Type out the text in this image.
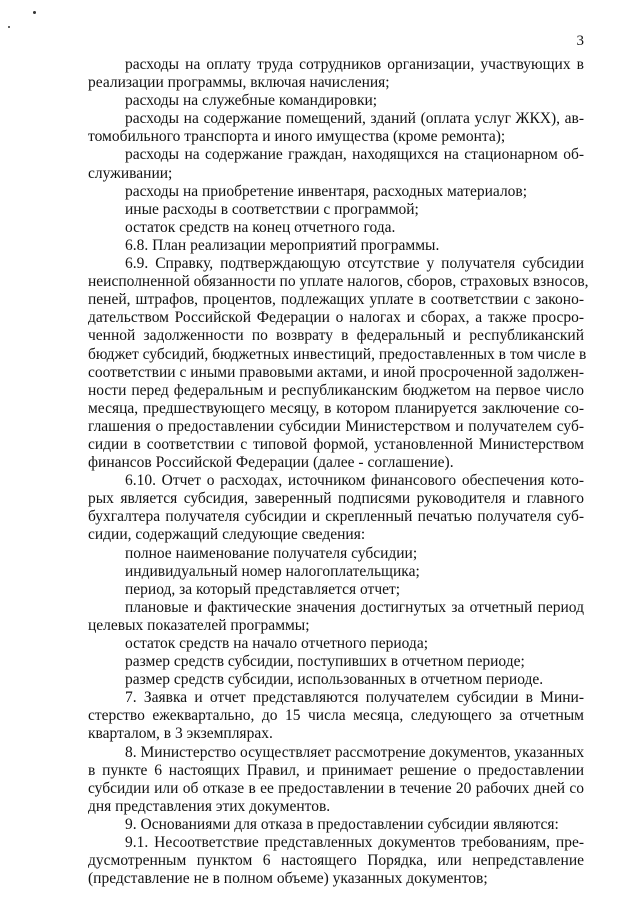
3
расходы на оплату труда сотрудников организации, участвующих в
реализации программы, включая начисления;
расходы на служебные командировки;
расходы на содержание помещений, зданий (оплата услуг ЖКХ), ав-
томобильного транспорта и иного имущества (кроме ремонта);
расходы на содержание граждан, находящихся на стационарном об-
служивании;
расходы на приобретение инвентаря, расходных материалов;
иные расходы в соответствии с программой;
остаток средств на конец отчетного года.
6.8. План реализации мероприятий программы.
6.9. Справку, подтверждающую отсутствие у получателя субсидии
неисполненной обязанности по уплате налогов, сборов, страховых взносов,
пеней, штрафов, процентов, подлежащих уплате в соответствии с законо-
дательством Российской Федерации о налогах и сборах, а также просро-
ченной задолженности по возврату в федеральный и республиканский
бюджет субсидий, бюджетных инвестиций, предоставленных в том числе в
соответствии с иными правовыми актами, и иной просроченной задолжен-
ности перед федеральным и республиканским бюджетом на первое число
месяца, предшествующего месяцу, в котором планируется заключение со-
глашения о предоставлении субсидии Министерством и получателем суб-
сидии в соответствии с типовой формой, установленной Министерством
финансов Российской Федерации (далее - соглашение).
6.10. Отчет о расходах, источником финансового обеспечения кото-
рых является субсидия, заверенный подписями руководителя и главного
бухгалтера получателя субсидии и скрепленный печатью получателя суб-
сидии, содержащий следующие сведения:
полное наименование получателя субсидии;
индивидуальный номер налогоплательщика;
период, за который представляется отчет;
плановые и фактические значения достигнутых за отчетный период
целевых показателей программы;
остаток средств на начало отчетного периода;
размер средств субсидии, поступивших в отчетном периоде;
размер средств субсидии, использованных в отчетном периоде.
7. Заявка и отчет представляются получателем субсидии в Мини-
стерство ежеквартально, до 15 числа месяца, следующего за отчетным
кварталом, в 3 экземплярах.
8. Министерство осуществляет рассмотрение документов, указанных
в пункте 6 настоящих Правил, и принимает решение о предоставлении
субсидии или об отказе в ее предоставлении в течение 20 рабочих дней со
дня представления этих документов.
9. Основаниями для отказа в предоставлении субсидии являются:
9.1. Несоответствие представленных документов требованиям, пре-
дусмотренным пунктом 6 настоящего Порядка, или непредставление
(представление не в полном объеме) указанных документов;
